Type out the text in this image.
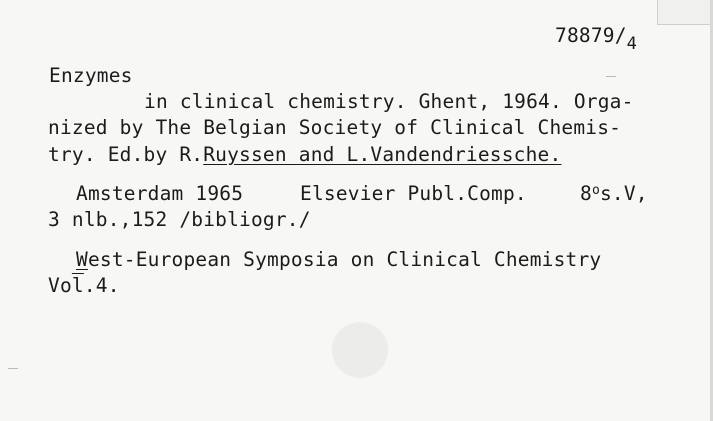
$78879/_4$
Enzymes
in clinical chemistry. Ghent, 1964. Orga-
nized by The Belgian Society of Clinical Chemis-
try. Ed.by R.Ruyssen and L.Vandendriessche.
Amsterdam 1965	Elsevier Publ.Comp.	8$^o$s.V,
3 nlb.,152 /bibliogr./
West-European Symposia on Clinical Chemistry
$Vo\overline{l}.4$.
